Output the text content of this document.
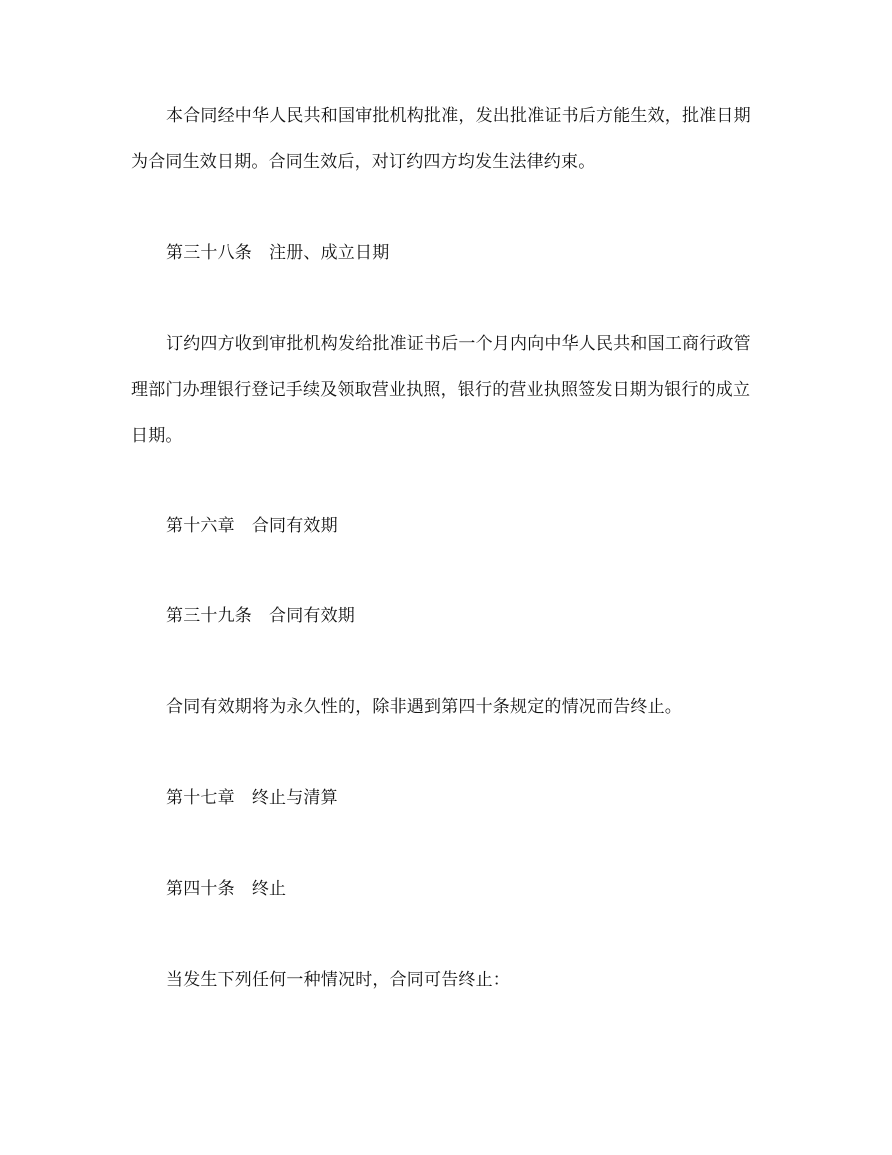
本合同经中华人民共和国审批机构批准，发出批准证书后方能生效，批准日期
为合同生效日期。合同生效后，对订约四方均发生法律约束。
第三十八条 注册、成立日期
订约四方收到审批机构发给批准证书后一个月内向中华人民共和国工商行政管
理部门办理银行登记手续及领取营业执照，银行的营业执照签发日期为银行的成立
日期。
第十六章 合同有效期
第三十九条 合同有效期
合同有效期将为永久性的，除非遇到第四十条规定的情况而告终止。
第十七章 终止与清算
第四十条 终止
当发生下列任何一种情况时，合同可告终止：
